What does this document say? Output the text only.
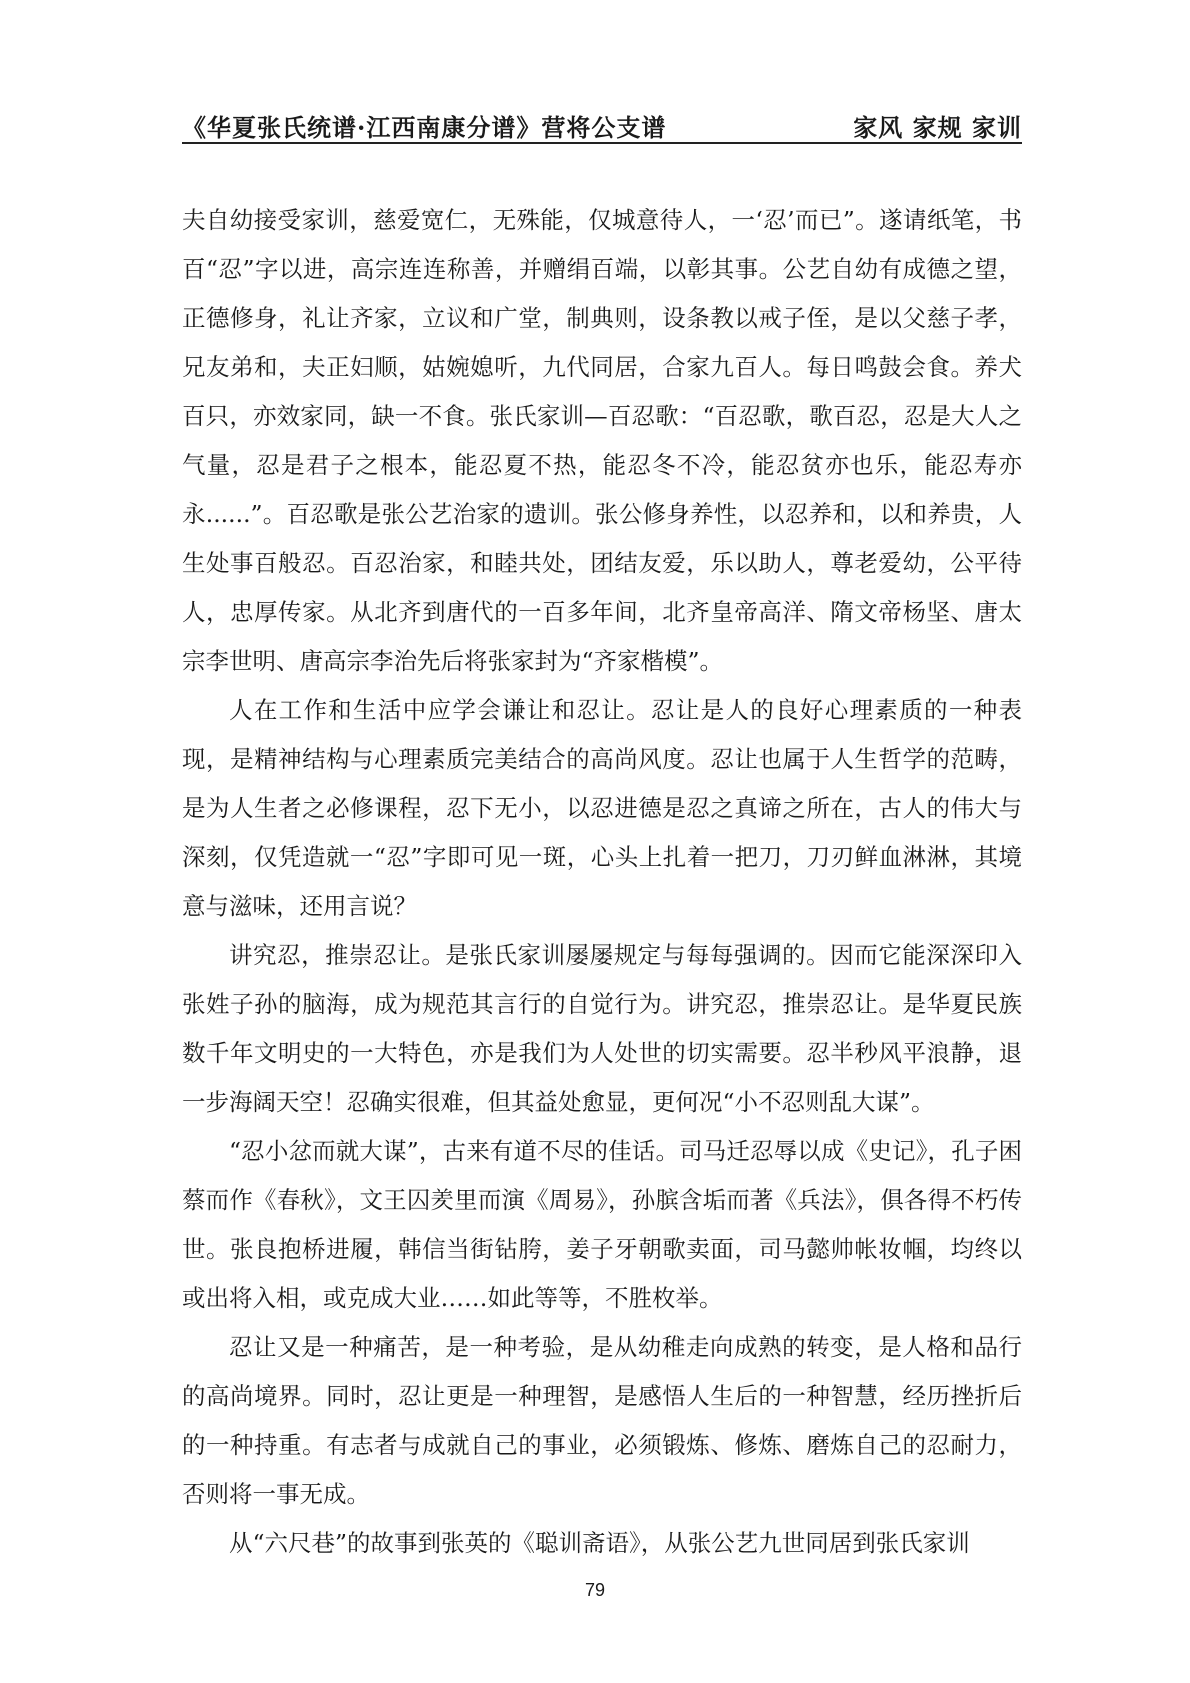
《华夏张氏统谱·江西南康分谱》营将公支谱	家风 家规 家训

夫自幼接受家训，慈爱宽仁，无殊能，仅城意待人，一‘忍’而已”。遂请纸笔，书百“忍”字以进，高宗连连称善，并赠绢百端，以彰其事。公艺自幼有成德之望，正德修身，礼让齐家，立议和广堂，制典则，设条教以戒子侄，是以父慈子孝，兄友弟和，夫正妇顺，姑婉媳听，九代同居，合家九百人。每日鸣鼓会食。养犬百只，亦效家同，缺一不食。张氏家训—百忍歌：“百忍歌，歌百忍，忍是大人之气量，忍是君子之根本，能忍夏不热，能忍冬不冷，能忍贫亦也乐，能忍寿亦永......”。百忍歌是张公艺治家的遗训。张公修身养性，以忍养和，以和养贵，人生处事百般忍。百忍治家，和睦共处，团结友爱，乐以助人，尊老爱幼，公平待人，忠厚传家。从北齐到唐代的一百多年间，北齐皇帝高洋、隋文帝杨坚、唐太宗李世明、唐高宗李治先后将张家封为“齐家楷模”。

人在工作和生活中应学会谦让和忍让。忍让是人的良好心理素质的一种表现，是精神结构与心理素质完美结合的高尚风度。忍让也属于人生哲学的范畴，是为人生者之必修课程，忍下无小，以忍进德是忍之真谛之所在，古人的伟大与深刻，仅凭造就一“忍”字即可见一斑，心头上扎着一把刀，刀刃鲜血淋淋，其境意与滋味，还用言说？

讲究忍，推崇忍让。是张氏家训屡屡规定与每每强调的。因而它能深深印入张姓子孙的脑海，成为规范其言行的自觉行为。讲究忍，推崇忍让。是华夏民族数千年文明史的一大特色，亦是我们为人处世的切实需要。忍半秒风平浪静，退一步海阔天空！忍确实很难，但其益处愈显，更何况“小不忍则乱大谋”。

“忍小忿而就大谋”，古来有道不尽的佳话。司马迁忍辱以成《史记》，孔子困蔡而作《春秋》，文王囚羑里而演《周易》，孙膑含垢而著《兵法》，俱各得不朽传世。张良抱桥进履，韩信当街钻胯，姜子牙朝歌卖面，司马懿帅帐妆帼，均终以或出将入相，或克成大业……如此等等，不胜枚举。

忍让又是一种痛苦，是一种考验，是从幼稚走向成熟的转变，是人格和品行的高尚境界。同时，忍让更是一种理智，是感悟人生后的一种智慧，经历挫折后的一种持重。有志者与成就自己的事业，必须锻炼、修炼、磨炼自己的忍耐力，否则将一事无成。

从“六尺巷”的故事到张英的《聪训斋语》，从张公艺九世同居到张氏家训

79
